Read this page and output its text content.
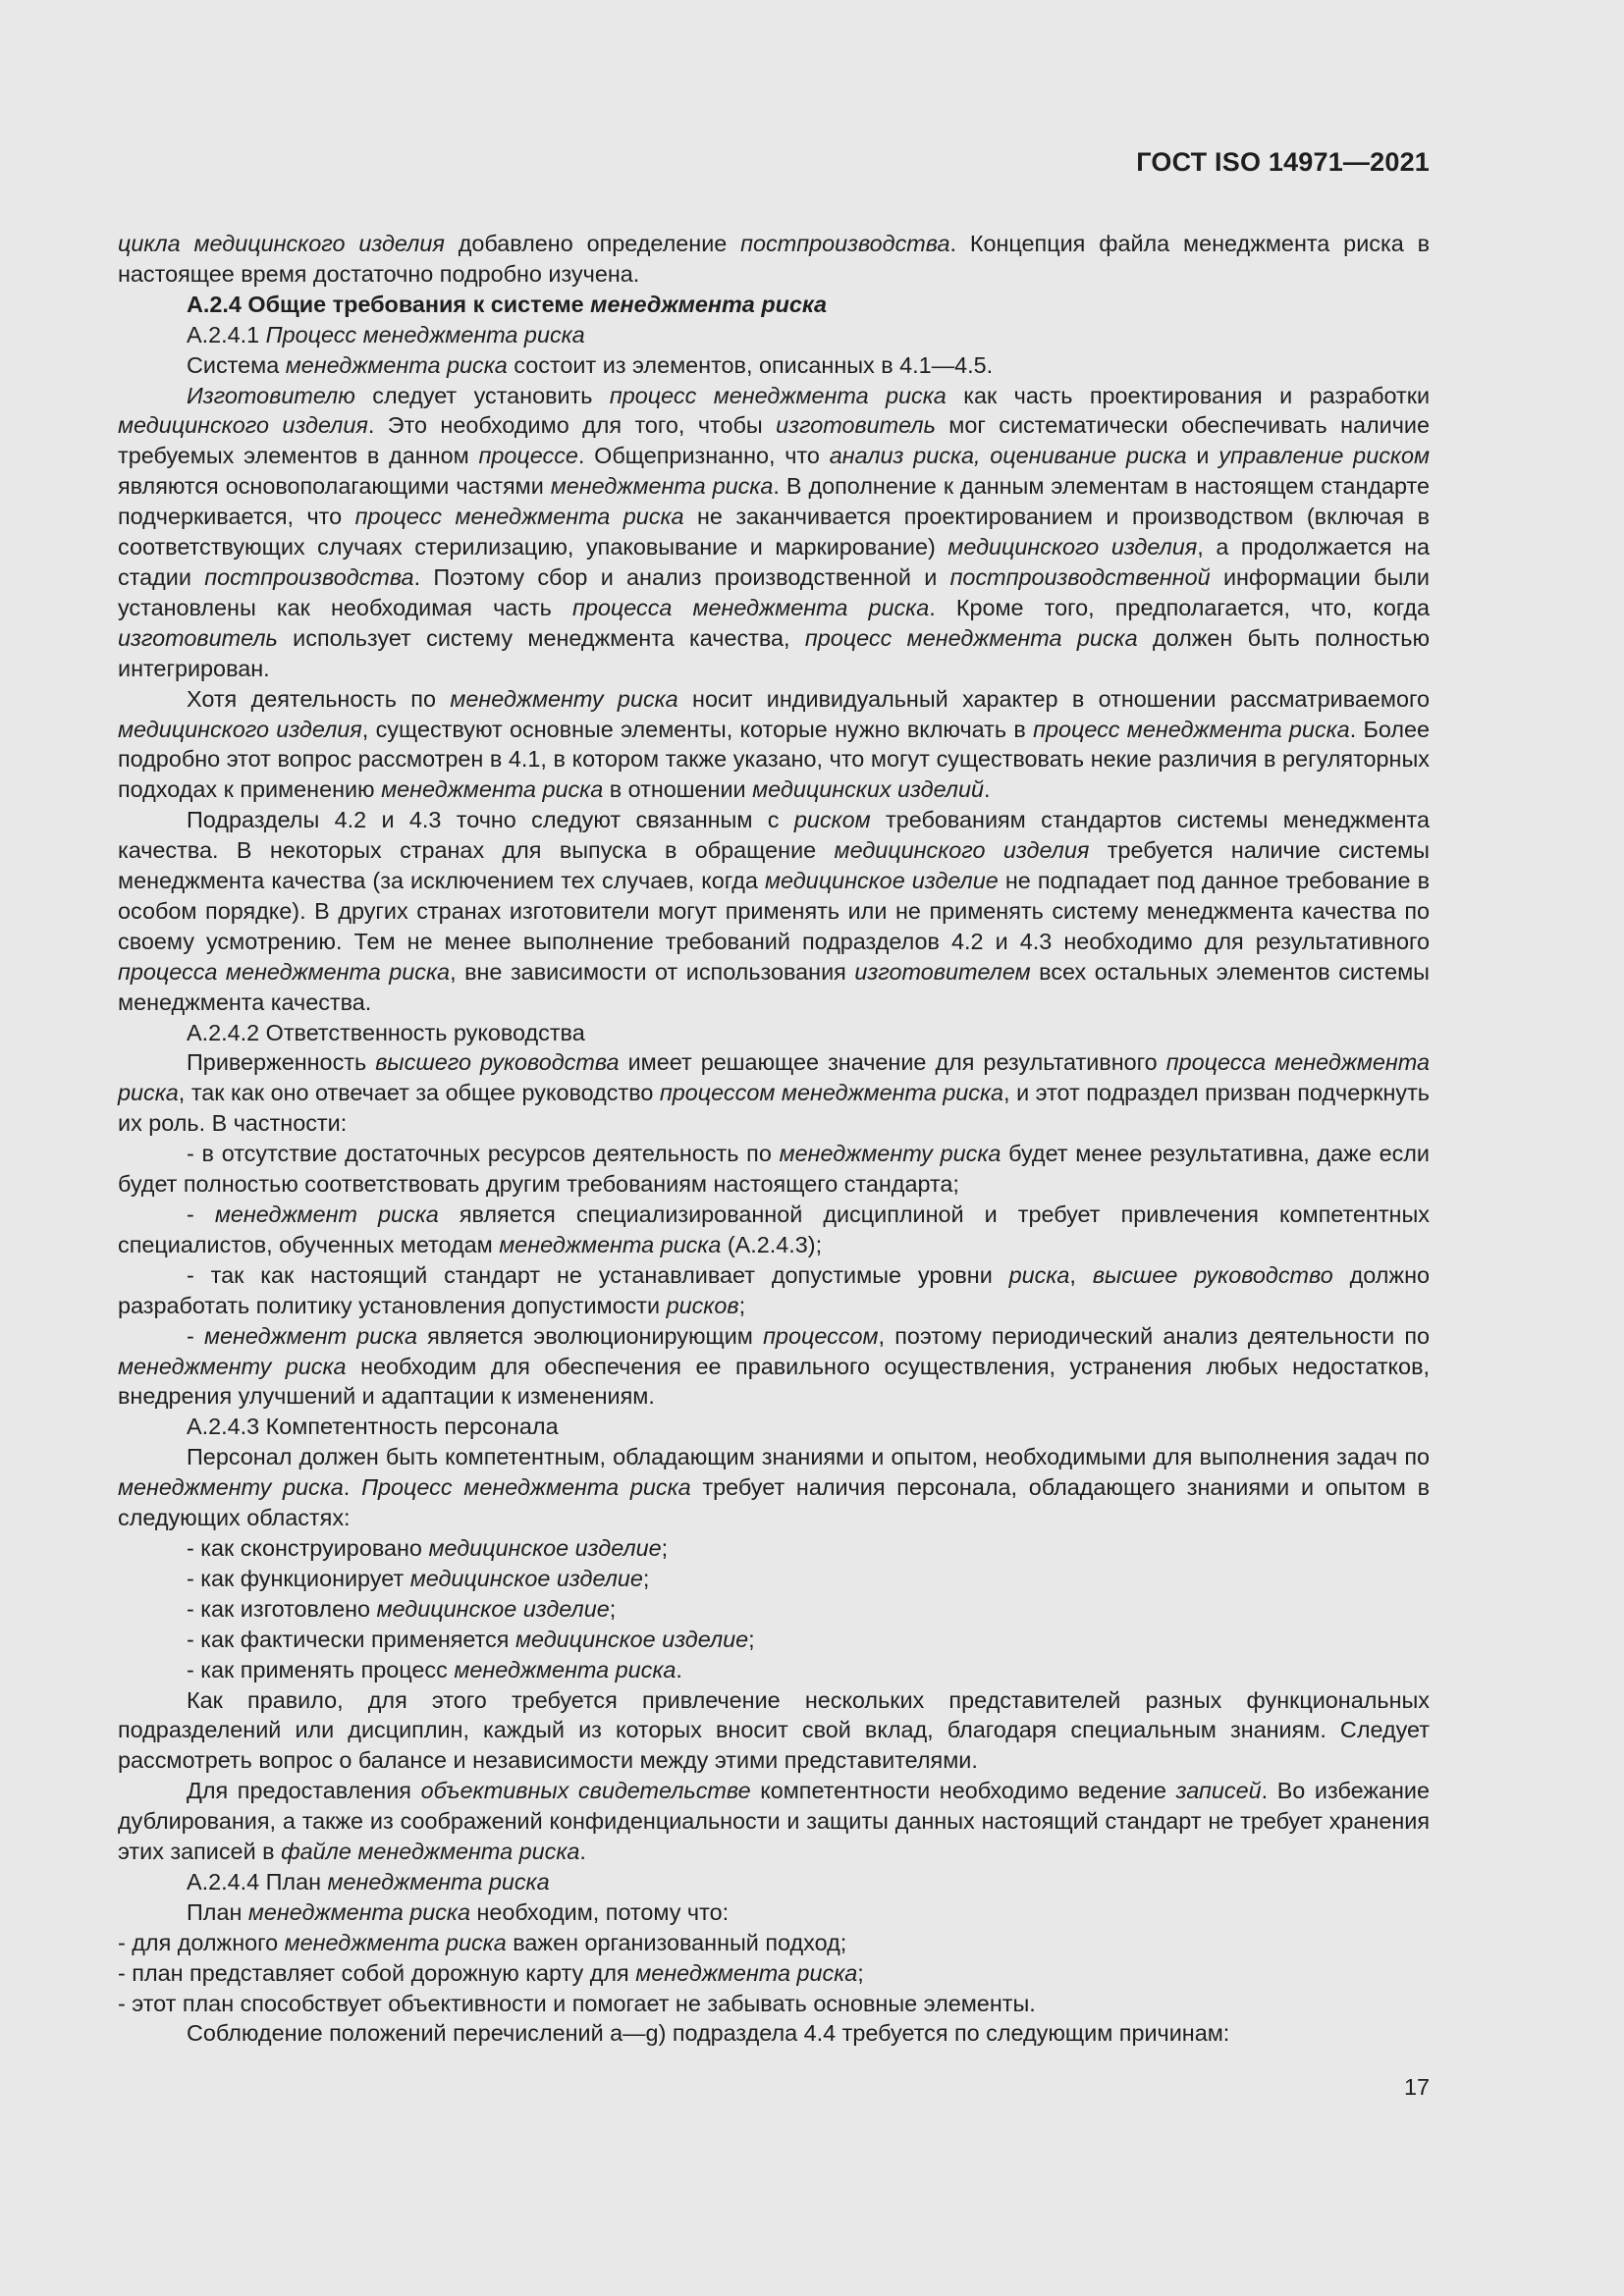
ГОСТ ISO 14971—2021

цикла медицинского изделия добавлено определение постпроизводства. Концепция файла менеджмента риска в настоящее время достаточно подробно изучена.

А.2.4 Общие требования к системе менеджмента риска

А.2.4.1 Процесс менеджмента риска

Система менеджмента риска состоит из элементов, описанных в 4.1—4.5.

Изготовителю следует установить процесс менеджмента риска как часть проектирования и разработки медицинского изделия. Это необходимо для того, чтобы изготовитель мог систематически обеспечивать наличие требуемых элементов в данном процессе. Общепризнанно, что анализ риска, оценивание риска и управление риском являются основополагающими частями менеджмента риска. В дополнение к данным элементам в настоящем стандарте подчеркивается, что процесс менеджмента риска не заканчивается проектированием и производством (включая в соответствующих случаях стерилизацию, упаковывание и маркирование) медицинского изделия, а продолжается на стадии постпроизводства. Поэтому сбор и анализ производственной и постпроизводственной информации были установлены как необходимая часть процесса менеджмента риска. Кроме того, предполагается, что, когда изготовитель использует систему менеджмента качества, процесс менеджмента риска должен быть полностью интегрирован.

Хотя деятельность по менеджменту риска носит индивидуальный характер в отношении рассматриваемого медицинского изделия, существуют основные элементы, которые нужно включать в процесс менеджмента риска. Более подробно этот вопрос рассмотрен в 4.1, в котором также указано, что могут существовать некие различия в регуляторных подходах к применению менеджмента риска в отношении медицинских изделий.

Подразделы 4.2 и 4.3 точно следуют связанным с риском требованиям стандартов системы менеджмента качества. В некоторых странах для выпуска в обращение медицинского изделия требуется наличие системы менеджмента качества (за исключением тех случаев, когда медицинское изделие не подпадает под данное требование в особом порядке). В других странах изготовители могут применять или не применять систему менеджмента качества по своему усмотрению. Тем не менее выполнение требований подразделов 4.2 и 4.3 необходимо для результативного процесса менеджмента риска, вне зависимости от использования изготовителем всех остальных элементов системы менеджмента качества.

А.2.4.2 Ответственность руководства

Приверженность высшего руководства имеет решающее значение для результативного процесса менеджмента риска, так как оно отвечает за общее руководство процессом менеджмента риска, и этот подраздел призван подчеркнуть их роль. В частности:

- в отсутствие достаточных ресурсов деятельность по менеджменту риска будет менее результативна, даже если будет полностью соответствовать другим требованиям настоящего стандарта;

- менеджмент риска является специализированной дисциплиной и требует привлечения компетентных специалистов, обученных методам менеджмента риска (А.2.4.3);

- так как настоящий стандарт не устанавливает допустимые уровни риска, высшее руководство должно разработать политику установления допустимости рисков;

- менеджмент риска является эволюционирующим процессом, поэтому периодический анализ деятельности по менеджменту риска необходим для обеспечения ее правильного осуществления, устранения любых недостатков, внедрения улучшений и адаптации к изменениям.

А.2.4.3 Компетентность персонала

Персонал должен быть компетентным, обладающим знаниями и опытом, необходимыми для выполнения задач по менеджменту риска. Процесс менеджмента риска требует наличия персонала, обладающего знаниями и опытом в следующих областях:

- как сконструировано медицинское изделие;

- как функционирует медицинское изделие;

- как изготовлено медицинское изделие;

- как фактически применяется медицинское изделие;

- как применять процесс менеджмента риска.

Как правило, для этого требуется привлечение нескольких представителей разных функциональных подразделений или дисциплин, каждый из которых вносит свой вклад, благодаря специальным знаниям. Следует рассмотреть вопрос о балансе и независимости между этими представителями.

Для предоставления объективных свидетельстве компетентности необходимо ведение записей. Во избежание дублирования, а также из соображений конфиденциальности и защиты данных настоящий стандарт не требует хранения этих записей в файле менеджмента риска.

А.2.4.4 План менеджмента риска

План менеджмента риска необходим, потому что:

- для должного менеджмента риска важен организованный подход;

- план представляет собой дорожную карту для менеджмента риска;

- этот план способствует объективности и помогает не забывать основные элементы.

Соблюдение положений перечислений a—g) подраздела 4.4 требуется по следующим причинам:

17
